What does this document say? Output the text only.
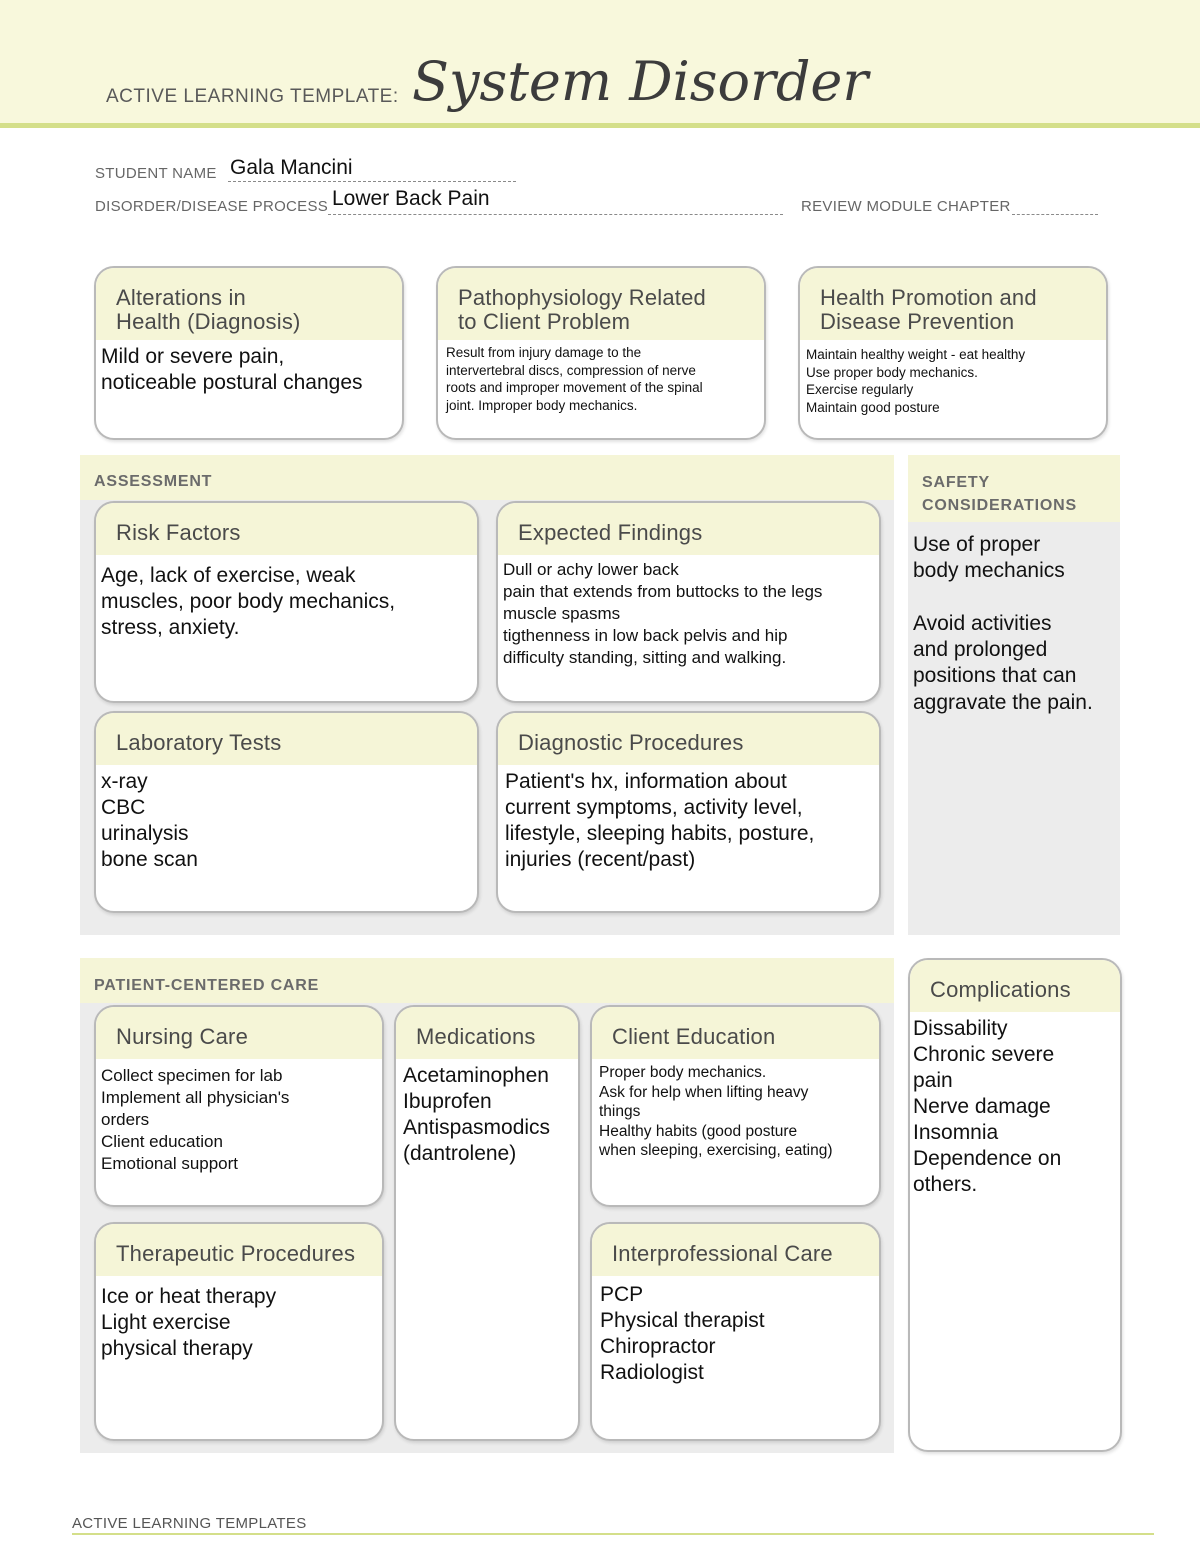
ACTIVE LEARNING TEMPLATE: System Disorder
STUDENT NAME Gala Mancini
DISORDER/DISEASE PROCESS Lower Back Pain	REVIEW MODULE CHAPTER
Alterations in
Health (Diagnosis)
Mild or severe pain,
noticeable postural changes
Pathophysiology Related
to Client Problem
Result from injury damage to the
intervertebral discs, compression of nerve
roots and improper movement of the spinal
joint. Improper body mechanics.
Health Promotion and
Disease Prevention
Maintain healthy weight - eat healthy
Use proper body mechanics.
Exercise regularly
Maintain good posture
ASSESSMENT
Risk Factors
Age, lack of exercise, weak
muscles, poor body mechanics,
stress, anxiety.
Expected Findings
Dull or achy lower back
pain that extends from buttocks to the legs
muscle spasms
tigthenness in low back pelvis and hip
difficulty standing, sitting and walking.
Laboratory Tests
x-ray
CBC
urinalysis
bone scan
Diagnostic Procedures
Patient's hx, information about
current symptoms, activity level,
lifestyle, sleeping habits, posture,
injuries (recent/past)
SAFETY
CONSIDERATIONS
Use of proper
body mechanics

Avoid activities
and prolonged
positions that can
aggravate the pain.
PATIENT-CENTERED CARE
Nursing Care
Collect specimen for lab
Implement all physician's
orders
Client education
Emotional support
Medications
Acetaminophen
Ibuprofen
Antispasmodics
(dantrolene)
Client Education
Proper body mechanics.
Ask for help when lifting heavy
things
Healthy habits (good posture
when sleeping, exercising, eating)
Therapeutic Procedures
Ice or heat therapy
Light exercise
physical therapy
Interprofessional Care
PCP
Physical therapist
Chiropractor
Radiologist
Complications
Dissability
Chronic severe
pain
Nerve damage
Insomnia
Dependence on
others.
ACTIVE LEARNING TEMPLATES
